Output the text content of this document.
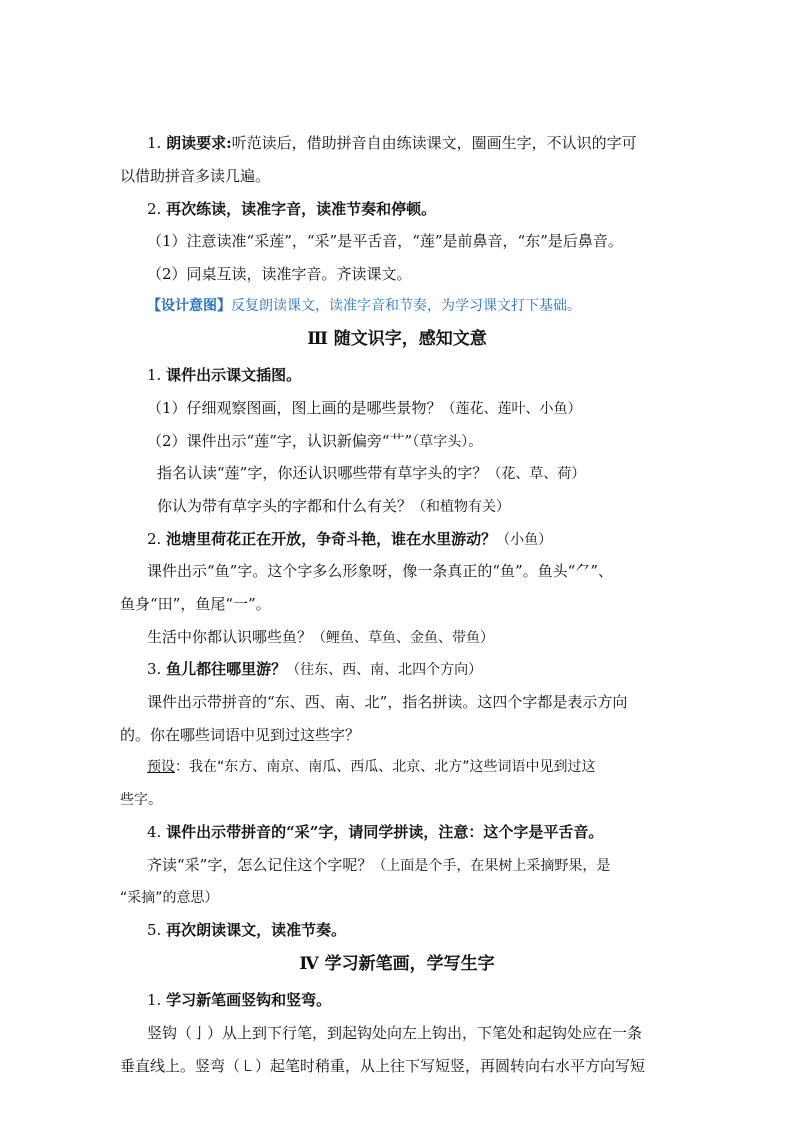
1. 朗读要求:听范读后，借助拼音自由练读课文，圈画生字，不认识的字可
以借助拼音多读几遍。
2. 再次练读，读准字音，读准节奏和停顿。
（1）注意读准“采莲”，“采”是平舌音，“莲”是前鼻音，“东”是后鼻音。
（2）同桌互读，读准字音。齐读课文。
【设计意图】反复朗读课文，读准字音和节奏，为学习课文打下基础。
Ⅲ 随文识字，感知文意
1. 课件出示课文插图。
（1）仔细观察图画，图上画的是哪些景物？（莲花、莲叶、小鱼）
（2）课件出示“莲”字，认识新偏旁“艹”（草字头）。
指名认读“莲”字，你还认识哪些带有草字头的字？（花、草、荷）
你认为带有草字头的字都和什么有关？（和植物有关）
2. 池塘里荷花正在开放，争奇斗艳，谁在水里游动？（小鱼）
课件出示“鱼”字。这个字多么形象呀，像一条真正的“鱼”。鱼头“⺈”、
鱼身“田”，鱼尾“一”。
生活中你都认识哪些鱼？（鲤鱼、草鱼、金鱼、带鱼）
3. 鱼儿都往哪里游？（往东、西、南、北四个方向）
课件出示带拼音的“东、西、南、北”，指名拼读。这四个字都是表示方向
的。你在哪些词语中见到过这些字？
预设：我在“东方、南京、南瓜、西瓜、北京、北方”这些词语中见到过这
些字。
4. 课件出示带拼音的“采”字，请同学拼读，注意：这个字是平舌音。
齐读“采”字，怎么记住这个字呢？（上面是个手，在果树上采摘野果，是
“采摘”的意思）
5. 再次朗读课文，读准节奏。
Ⅳ 学习新笔画，学写生字
1. 学习新笔画竖钩和竖弯。
竖钩（亅）从上到下行笔，到起钩处向左上钩出，下笔处和起钩处应在一条
垂直线上。竖弯（㇄）起笔时稍重，从上往下写短竖，再圆转向右水平方向写短
